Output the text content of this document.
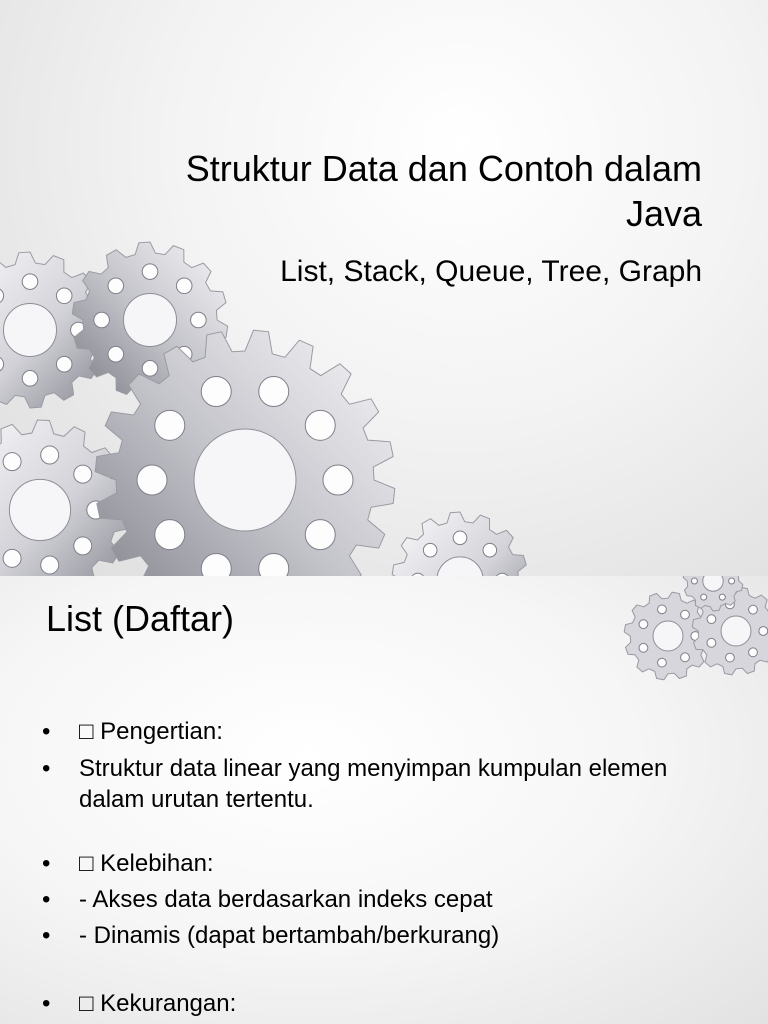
Struktur Data dan Contoh dalam Java

List, Stack, Queue, Tree, Graph

List (Daftar)
• □ Pengertian:
• Struktur data linear yang menyimpan kumpulan elemen dalam urutan tertentu.
• □ Kelebihan:
• - Akses data berdasarkan indeks cepat
• - Dinamis (dapat bertambah/berkurang)
• □ Kekurangan:
